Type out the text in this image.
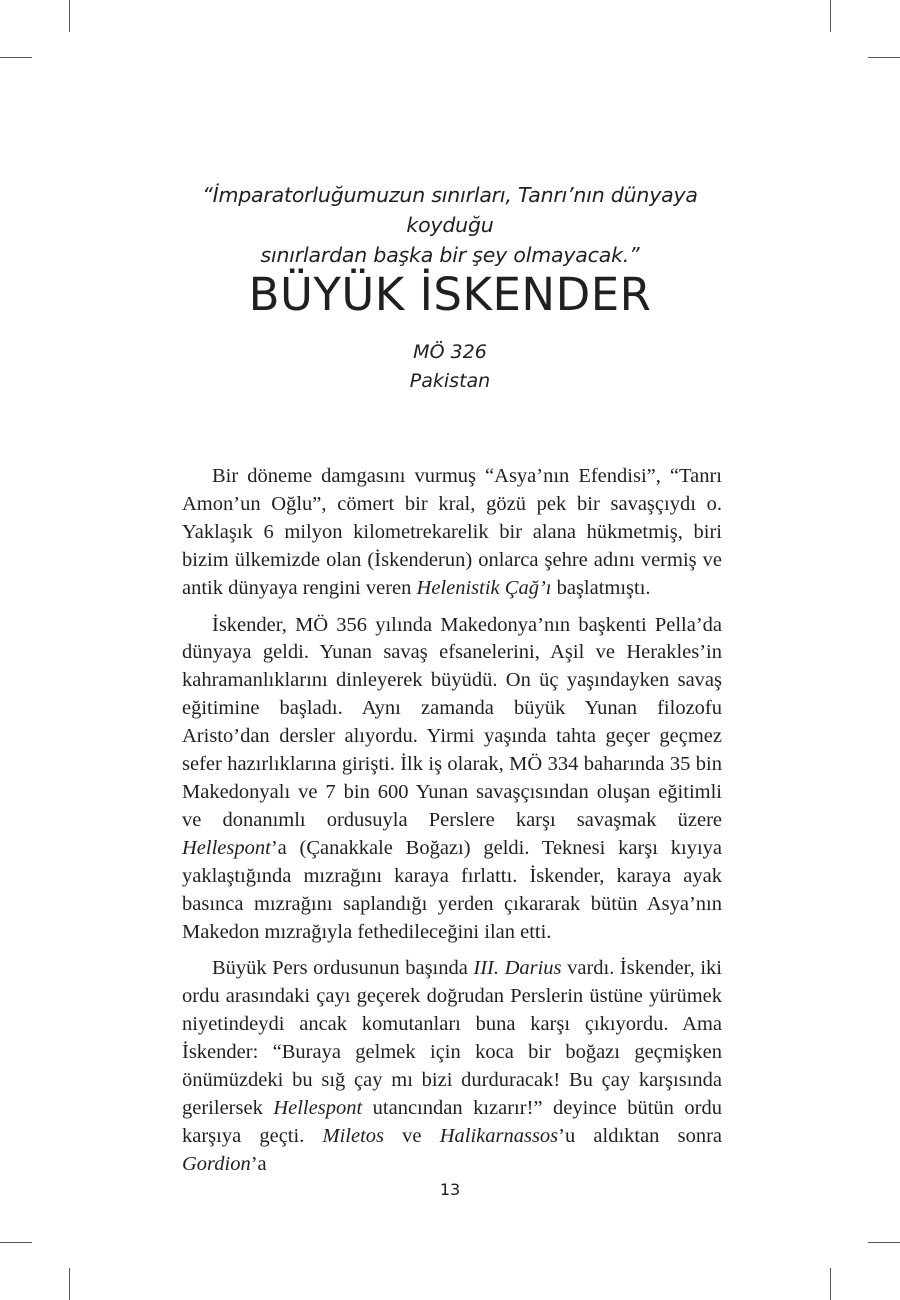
“İmparatorluğumuzun sınırları, Tanrı’nın dünyaya koyduğu
sınırlardan başka bir şey olmayacak.”
BÜYÜK İSKENDER
MÖ 326
Pakistan

Bir döneme damgasını vurmuş “Asya’nın Efendisi”, “Tanrı Amon’un Oğlu”, cömert bir kral, gözü pek bir savaşçıydı o. Yaklaşık 6 milyon kilometrekarelik bir alana hükmetmiş, biri bizim ülkemizde olan (İskenderun) onlarca şehre adını vermiş ve antik dünyaya rengini veren Helenistik Çağ’ı başlatmıştı.

İskender, MÖ 356 yılında Makedonya’nın başkenti Pella’da dünyaya geldi. Yunan savaş efsanelerini, Aşil ve Herakles’in kahramanlıklarını dinleyerek büyüdü. On üç yaşındayken savaş eğitimine başladı. Aynı zamanda büyük Yunan filozofu Aristo’dan dersler alıyordu. Yirmi yaşında tahta geçer geçmez sefer hazırlıklarına girişti. İlk iş olarak, MÖ 334 baharında 35 bin Makedonyalı ve 7 bin 600 Yunan savaşçısından oluşan eğitimli ve donanımlı ordusuyla Perslere karşı savaşmak üzere Hellespont’a (Çanakkale Boğazı) geldi. Teknesi karşı kıyıya yaklaştığında mızrağını karaya fırlattı. İskender, karaya ayak basınca mızrağını saplandığı yerden çıkararak bütün Asya’nın Makedon mızrağıyla fethedileceğini ilan etti.

Büyük Pers ordusunun başında III. Darius vardı. İskender, iki ordu arasındaki çayı geçerek doğrudan Perslerin üstüne yürümek niyetindeydi ancak komutanları buna karşı çıkıyordu. Ama İskender: “Buraya gelmek için koca bir boğazı geçmişken önümüzdeki bu sığ çay mı bizi durduracak! Bu çay karşısında gerilersek Hellespont utancından kızarır!” deyince bütün ordu karşıya geçti. Miletos ve Halikarnassos’u aldıktan sonra Gordion’a

13
